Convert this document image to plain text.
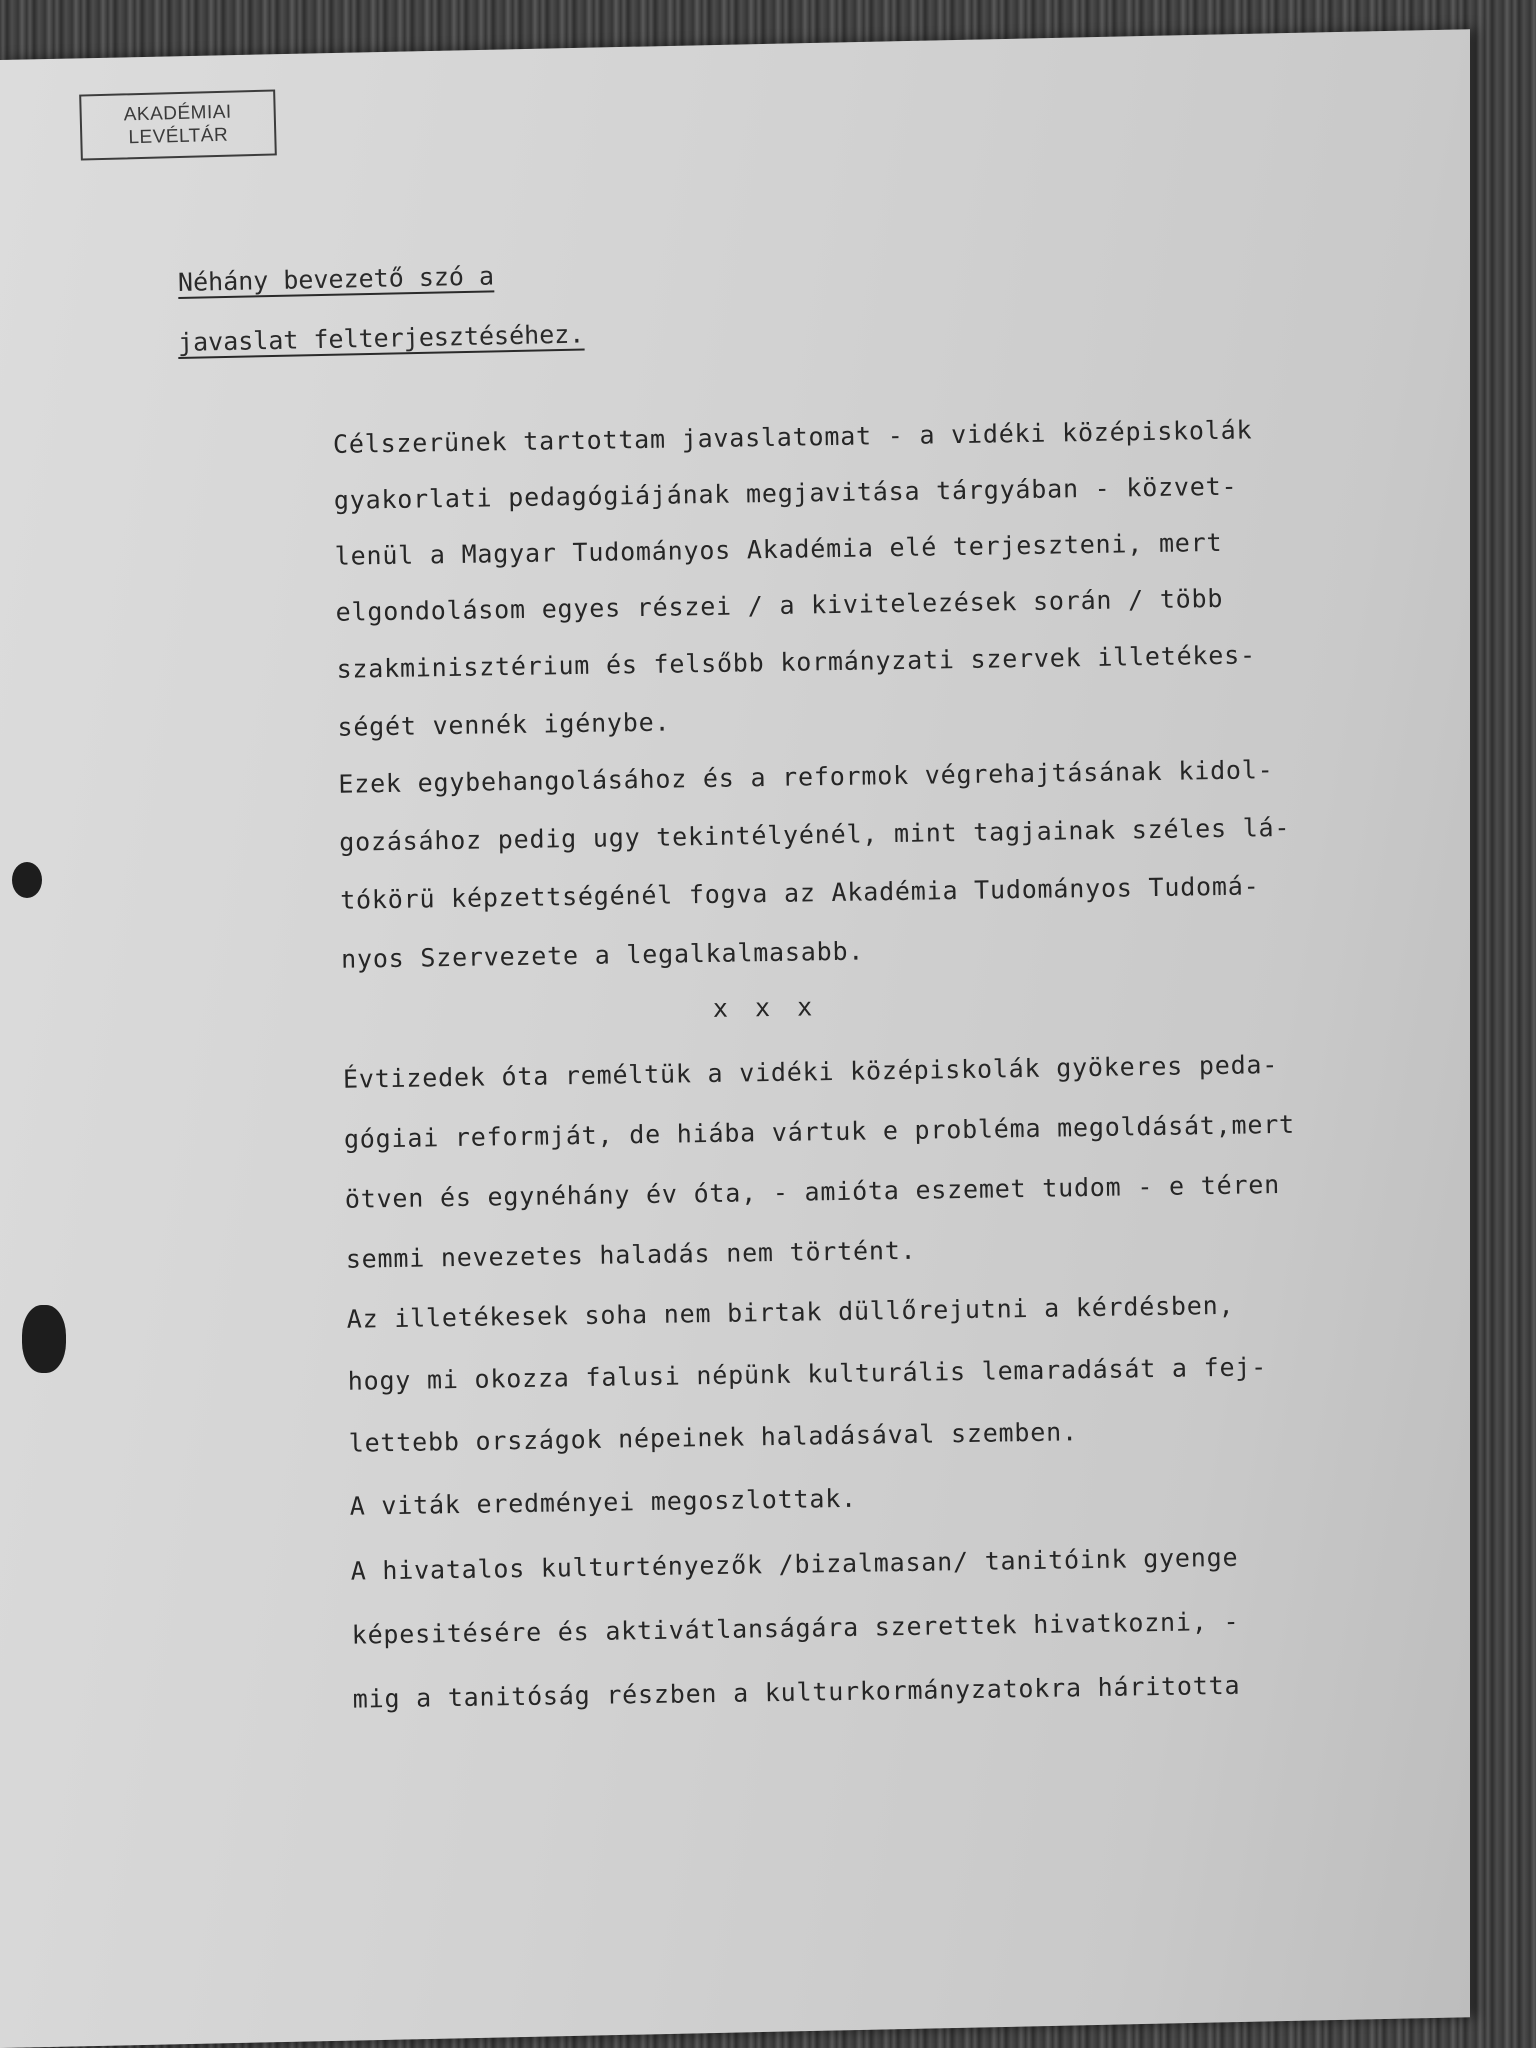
AKADÉMIAI
LEVÉLTÁR
Néhány bevezető szó a
javaslat felterjesztéséhez.
Célszerünek tartottam javaslatomat - a vidéki középiskolák
gyakorlati pedagógiájának megjavitása tárgyában - közvet-
lenül a Magyar Tudományos Akadémia elé terjeszteni, mert
elgondolásom egyes részei / a kivitelezések során / több
szakminisztérium és felsőbb kormányzati szervek illetékes-
ségét vennék igénybe.
Ezek egybehangolásához és a reformok végrehajtásának kidol-
gozásához pedig ugy tekintélyénél, mint tagjainak széles lá-
tókörü képzettségénél fogva az Akadémia Tudományos Tudomá-
nyos Szervezete a legalkalmasabb.
x x x
Évtizedek óta reméltük a vidéki középiskolák gyökeres peda-
gógiai reformját, de hiába vártuk e probléma megoldását,mert
ötven és egynéhány év óta, - amióta eszemet tudom - e téren
semmi nevezetes haladás nem történt.
Az illetékesek soha nem birtak düllőrejutni a kérdésben,
hogy mi okozza falusi népünk kulturális lemaradását a fej-
lettebb országok népeinek haladásával szemben.
A viták eredményei megoszlottak.
A hivatalos kulturtényezők /bizalmasan/ tanitóink gyenge
képesitésére és aktivátlanságára szerettek hivatkozni, -
mig a tanitóság részben a kulturkormányzatokra háritotta
